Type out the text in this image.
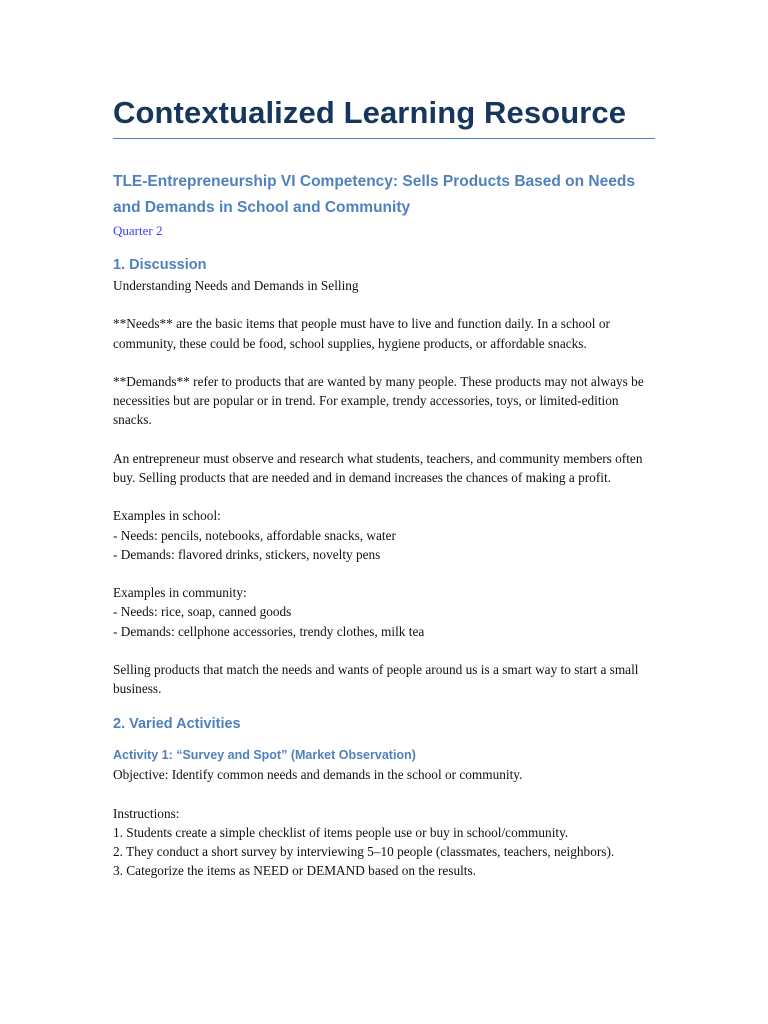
Contextualized Learning Resource
TLE-Entrepreneurship VI Competency: Sells Products Based on Needs and Demands in School and Community
Quarter 2
1. Discussion

Understanding Needs and Demands in Selling

**Needs** are the basic items that people must have to live and function daily. In a school or community, these could be food, school supplies, hygiene products, or affordable snacks.

**Demands** refer to products that are wanted by many people. These products may not always be necessities but are popular or in trend. For example, trendy accessories, toys, or limited-edition snacks.

An entrepreneur must observe and research what students, teachers, and community members often buy. Selling products that are needed and in demand increases the chances of making a profit.

Examples in school:
- Needs: pencils, notebooks, affordable snacks, water
- Demands: flavored drinks, stickers, novelty pens

Examples in community:
- Needs: rice, soap, canned goods
- Demands: cellphone accessories, trendy clothes, milk tea

Selling products that match the needs and wants of people around us is a smart way to start a small business.

2. Varied Activities
Activity 1: “Survey and Spot” (Market Observation)

Objective: Identify common needs and demands in the school or community.

Instructions:
1. Students create a simple checklist of items people use or buy in school/community.
2. They conduct a short survey by interviewing 5–10 people (classmates, teachers, neighbors).
3. Categorize the items as NEED or DEMAND based on the results.
